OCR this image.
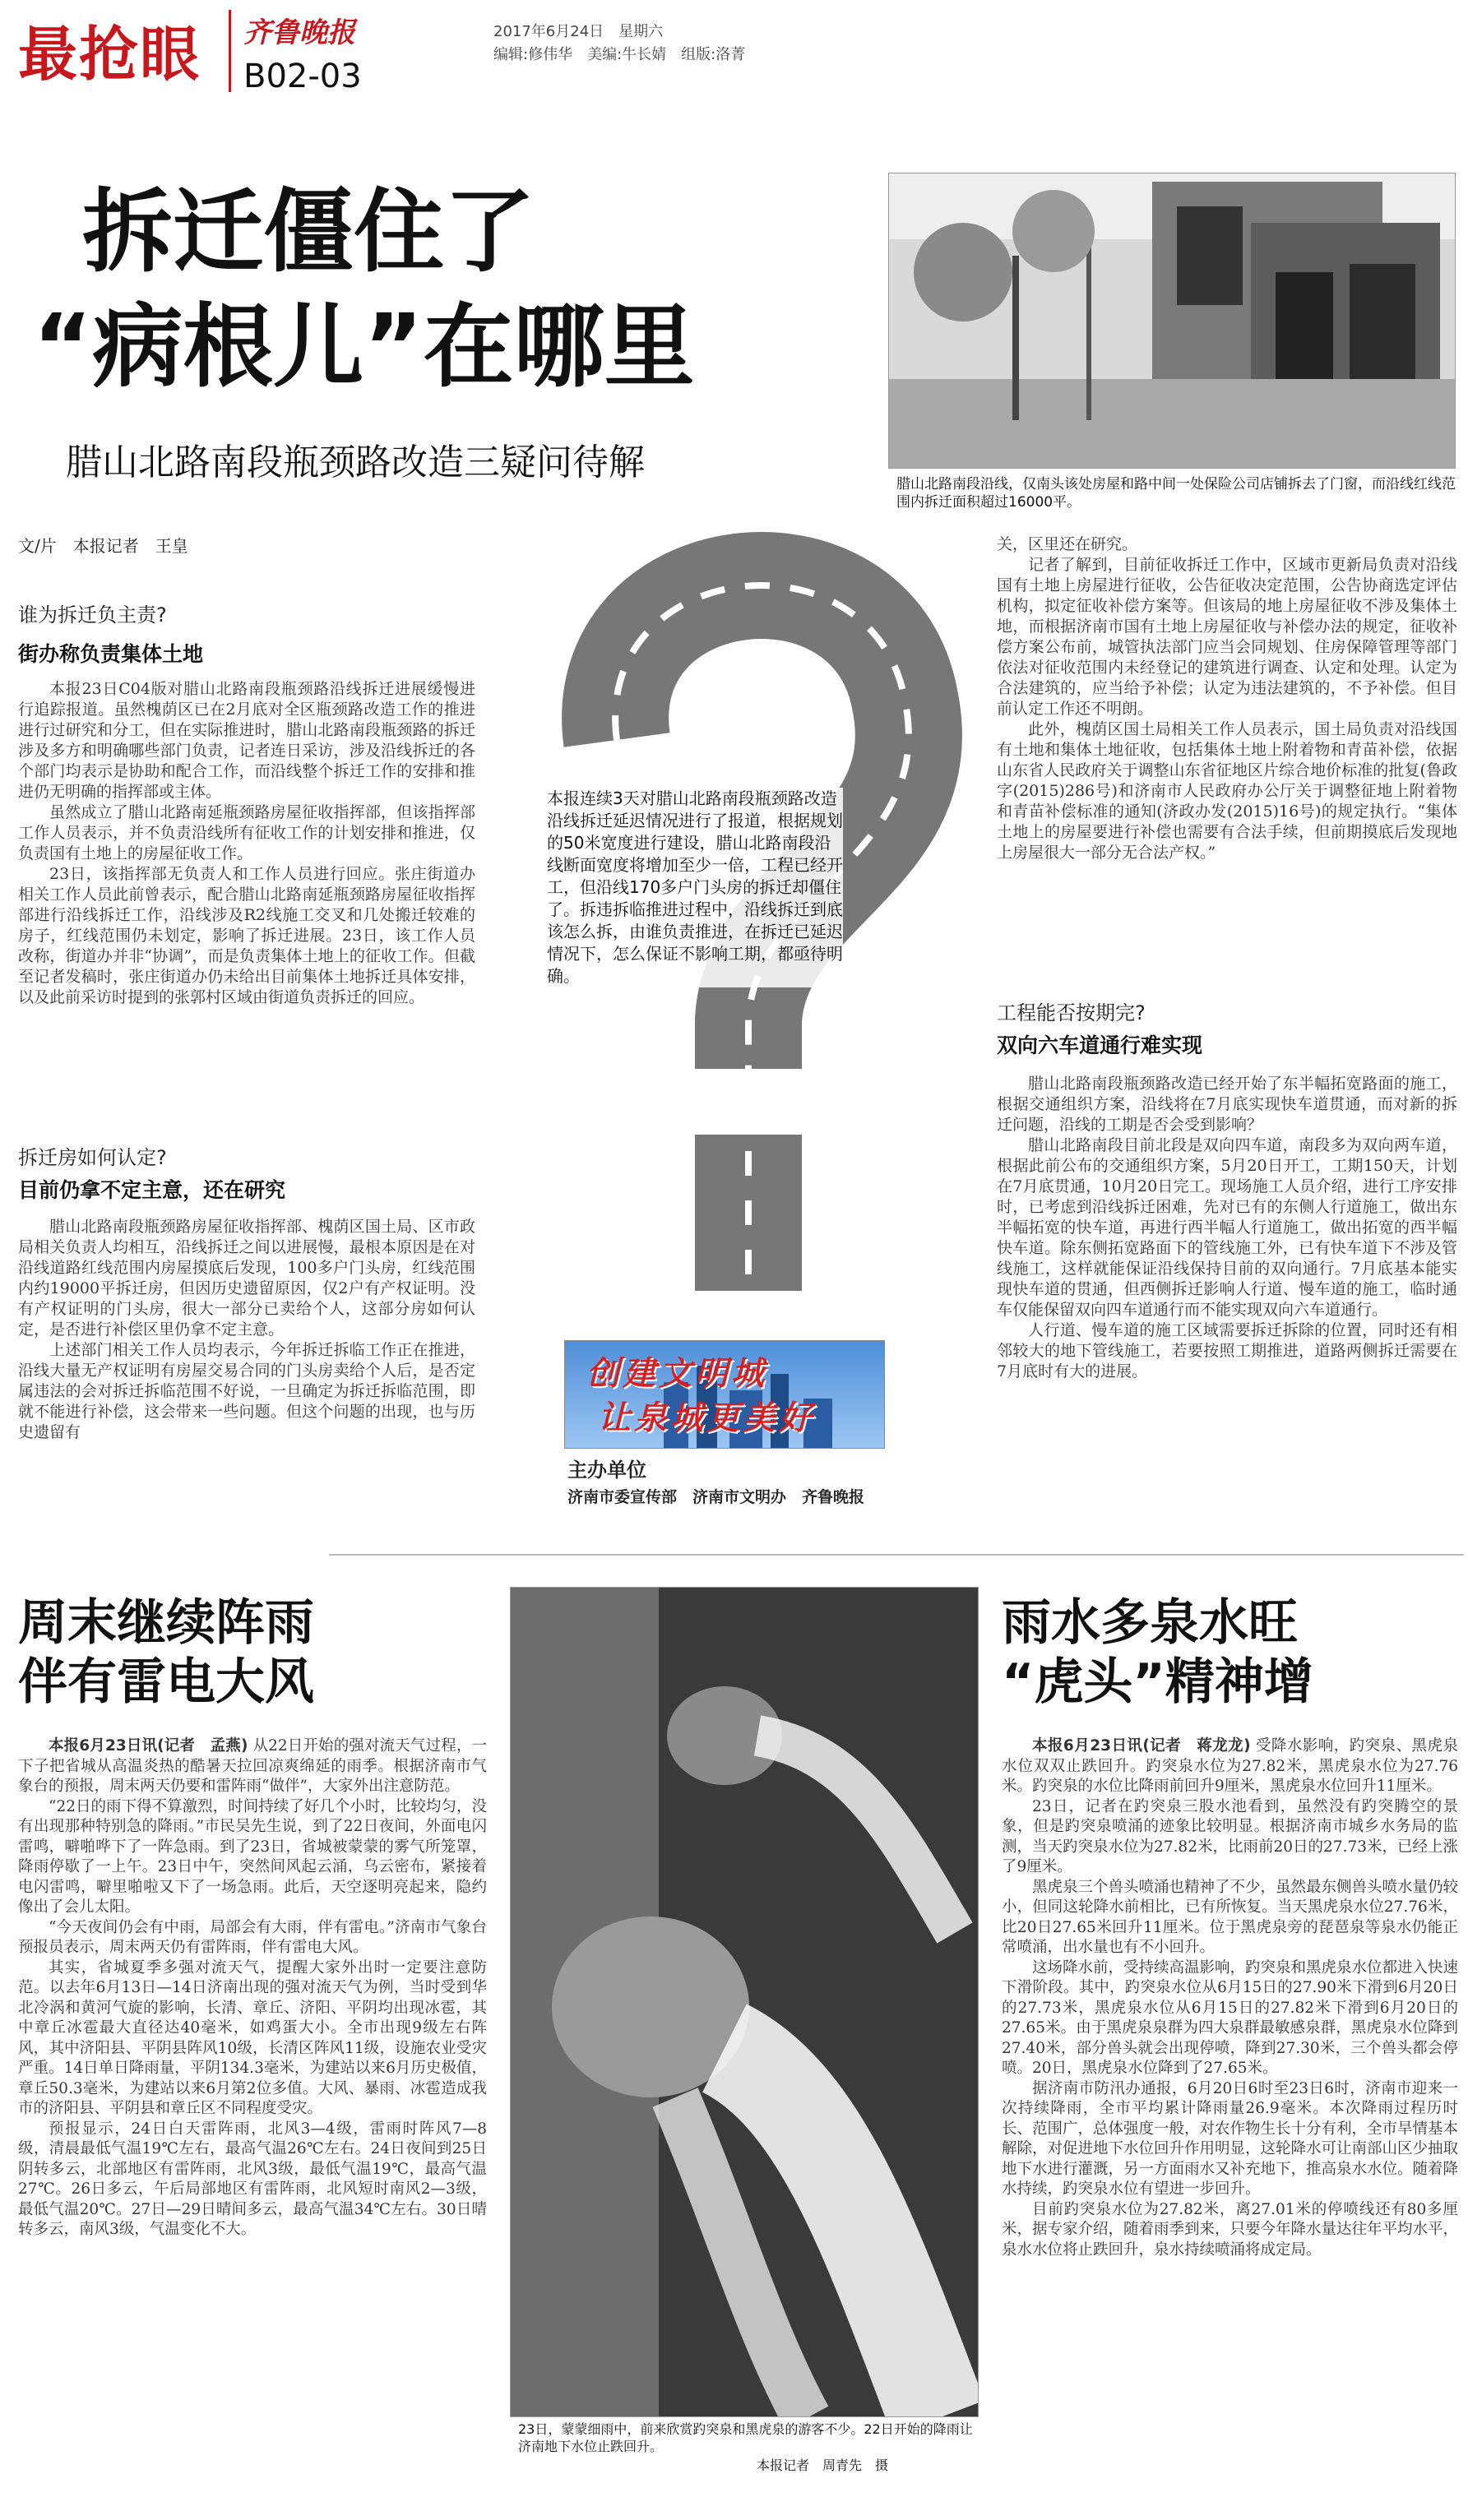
最抢眼 齐鲁晚报	2017年6月24日　星期六
编辑:修伟华　美编:牛长婧　组版:洛菁
B02-03
拆迁僵住了
“病根儿”在哪里
腊山北路南段瓶颈路改造三疑问待解
腊山北路南段沿线，仅南头该处房屋和路中间一处保险公司店铺拆去了门窗，而沿线红线范围内拆迁面积超过16000平。
文/片　本报记者　王皇
谁为拆迁负主责?
街办称负责集体土地

本报23日C04版对腊山北路南段瓶颈路沿线拆迁进展缓慢进行追踪报道。虽然槐荫区已在2月底对全区瓶颈路改造工作的推进进行过研究和分工，但在实际推进时，腊山北路南段瓶颈路的拆迁涉及多方和明确哪些部门负责，记者连日采访，涉及沿线拆迁的各个部门均表示是协助和配合工作，而沿线整个拆迁工作的安排和推进仍无明确的指挥部或主体。

虽然成立了腊山北路南延瓶颈路房屋征收指挥部，但该指挥部工作人员表示，并不负责沿线所有征收工作的计划安排和推进，仅负责国有土地上的房屋征收工作。

23日，该指挥部无负责人和工作人员进行回应。张庄街道办相关工作人员此前曾表示，配合腊山北路南延瓶颈路房屋征收指挥部进行沿线拆迁工作，沿线涉及R2线施工交叉和几处搬迁较难的房子，红线范围仍未划定，影响了拆迁进展。23日，该工作人员改称，街道办并非“协调”，而是负责集体土地上的征收工作。但截至记者发稿时，张庄街道办仍未给出目前集体土地拆迁具体安排，以及此前采访时提到的张郭村区域由街道负责拆迁的回应。

拆迁房如何认定?
目前仍拿不定主意，还在研究

腊山北路南段瓶颈路房屋征收指挥部、槐荫区国土局、区市政局相关负责人均相互，沿线拆迁之间以进展慢，最根本原因是在对沿线道路红线范围内房屋摸底后发现，100多户门头房，红线范围内约19000平拆迁房，但因历史遗留原因，仅2户有产权证明。没有产权证明的门头房，很大一部分已卖给个人，这部分房如何认定，是否进行补偿区里仍拿不定主意。

上述部门相关工作人员均表示，今年拆迁拆临工作正在推进，沿线大量无产权证明有房屋交易合同的门头房卖给个人后，是否定属违法的会对拆迁拆临范围不好说，一旦确定为拆迁拆临范围，即就不能进行补偿，这会带来一些问题。但这个问题的出现，也与历史遗留有

本报连续3天对腊山北路南段瓶颈路改造沿线拆迁延迟情况进行了报道，根据规划的50米宽度进行建设，腊山北路南段沿线断面宽度将增加至少一倍，工程已经开工，但沿线170多户门头房的拆迁却僵住了。拆违拆临推进过程中，沿线拆迁到底该怎么拆，由谁负责推进，在拆迁已延迟情况下，怎么保证不影响工期，都亟待明确。
创建文明城
让泉城更美好
主办单位
济南市委宣传部　济南市文明办　齐鲁晚报

关，区里还在研究。

记者了解到，目前征收拆迁工作中，区域市更新局负责对沿线国有土地上房屋进行征收，公告征收决定范围，公告协商选定评估机构，拟定征收补偿方案等。但该局的地上房屋征收不涉及集体土地，而根据济南市国有土地上房屋征收与补偿办法的规定，征收补偿方案公布前，城管执法部门应当会同规划、住房保障管理等部门依法对征收范围内未经登记的建筑进行调查、认定和处理。认定为合法建筑的，应当给予补偿；认定为违法建筑的，不予补偿。但目前认定工作还不明朗。

此外，槐荫区国土局相关工作人员表示，国土局负责对沿线国有土地和集体土地征收，包括集体土地上附着物和青苗补偿，依据山东省人民政府关于调整山东省征地区片综合地价标准的批复(鲁政字(2015)286号)和济南市人民政府办公厅关于调整征地上附着物和青苗补偿标准的通知(济政办发(2015)16号)的规定执行。“集体土地上的房屋要进行补偿也需要有合法手续，但前期摸底后发现地上房屋很大一部分无合法产权。”

工程能否按期完?
双向六车道通行难实现

腊山北路南段瓶颈路改造已经开始了东半幅拓宽路面的施工，根据交通组织方案，沿线将在7月底实现快车道贯通，而对新的拆迁问题，沿线的工期是否会受到影响？

腊山北路南段目前北段是双向四车道，南段多为双向两车道，根据此前公布的交通组织方案，5月20日开工，工期150天，计划在7月底贯通，10月20日完工。现场施工人员介绍，进行工序安排时，已考虑到沿线拆迁困难，先对已有的东侧人行道施工，做出东半幅拓宽的快车道，再进行西半幅人行道施工，做出拓宽的西半幅快车道。除东侧拓宽路面下的管线施工外，已有快车道下不涉及管线施工，这样就能保证沿线保持目前的双向通行。7月底基本能实现快车道的贯通，但西侧拆迁影响人行道、慢车道的施工，临时通车仅能保留双向四车道通行而不能实现双向六车道通行。

人行道、慢车道的施工区域需要拆迁拆除的位置，同时还有相邻较大的地下管线施工，若要按照工期推进，道路两侧拆迁需要在7月底时有大的进展。

周末继续阵雨
伴有雷电大风

本报6月23日讯(记者　孟燕) 从22日开始的强对流天气过程，一下子把省城从高温炎热的酷暑天拉回凉爽绵延的雨季。根据济南市气象台的预报，周末两天仍要和雷阵雨“做伴”，大家外出注意防范。

“22日的雨下得不算激烈，时间持续了好几个小时，比较均匀，没有出现那种特别急的降雨。”市民吴先生说，到了22日夜间，外面电闪雷鸣，噼啪哗下了一阵急雨。到了23日，省城被蒙蒙的雾气所笼罩，降雨停歇了一上午。23日中午，突然间风起云涌，乌云密布，紧接着电闪雷鸣，噼里啪啦又下了一场急雨。此后，天空逐明亮起来，隐约像出了会儿太阳。

“今天夜间仍会有中雨，局部会有大雨，伴有雷电。”济南市气象台预报员表示，周末两天仍有雷阵雨，伴有雷电大风。

其实，省城夏季多强对流天气，提醒大家外出时一定要注意防范。以去年6月13日—14日济南出现的强对流天气为例，当时受到华北冷涡和黄河气旋的影响，长清、章丘、济阳、平阴均出现冰雹，其中章丘冰雹最大直径达40毫米，如鸡蛋大小。全市出现9级左右阵风，其中济阳县、平阴县阵风10级，长清区阵风11级，设施农业受灾严重。14日单日降雨量，平阴134.3毫米，为建站以来6月历史极值，章丘50.3毫米，为建站以来6月第2位多值。大风、暴雨、冰雹造成我市的济阳县、平阴县和章丘区不同程度受灾。

预报显示，24日白天雷阵雨，北风3—4级，雷雨时阵风7—8级，清晨最低气温19℃左右，最高气温26℃左右。24日夜间到25日阴转多云，北部地区有雷阵雨，北风3级，最低气温19℃，最高气温27℃。26日多云，午后局部地区有雷阵雨，北风短时南风2—3级，最低气温20℃。27日—29日晴间多云，最高气温34℃左右。30日晴转多云，南风3级，气温变化不大。

23日，蒙蒙细雨中，前来欣赏趵突泉和黑虎泉的游客不少。22日开始的降雨让济南地下水位止跌回升。
本报记者　周青先　摄
雨水多泉水旺
“虎头”精神增

本报6月23日讯(记者　蒋龙龙) 受降水影响，趵突泉、黑虎泉水位双双止跌回升。趵突泉水位为27.82米，黑虎泉水位为27.76米。趵突泉的水位比降雨前回升9厘米，黑虎泉水位回升11厘米。

23日，记者在趵突泉三股水池看到，虽然没有趵突腾空的景象，但是趵突泉喷涌的迹象比较明显。根据济南市城乡水务局的监测，当天趵突泉水位为27.82米，比雨前20日的27.73米，已经上涨了9厘米。

黑虎泉三个兽头喷涌也精神了不少，虽然最东侧兽头喷水量仍较小，但同这轮降水前相比，已有所恢复。当天黑虎泉水位27.76米，比20日27.65米回升11厘米。位于黑虎泉旁的琵琶泉等泉水仍能正常喷涌，出水量也有不小回升。

这场降水前，受持续高温影响，趵突泉和黑虎泉水位都进入快速下滑阶段。其中，趵突泉水位从6月15日的27.90米下滑到6月20日的27.73米，黑虎泉水位从6月15日的27.82米下滑到6月20日的27.65米。由于黑虎泉泉群为四大泉群最敏感泉群，黑虎泉水位降到27.40米，部分兽头就会出现停喷，降到27.30米，三个兽头都会停喷。20日，黑虎泉水位降到了27.65米。

据济南市防汛办通报，6月20日6时至23日6时，济南市迎来一次持续降雨，全市平均累计降雨量26.9毫米。本次降雨过程历时长、范围广，总体强度一般，对农作物生长十分有利，全市旱情基本解除，对促进地下水位回升作用明显，这轮降水可让南部山区少抽取地下水进行灌溉，另一方面雨水又补充地下，推高泉水水位。随着降水持续，趵突泉水位有望进一步回升。

目前趵突泉水位为27.82米，离27.01米的停喷线还有80多厘米，据专家介绍，随着雨季到来，只要今年降水量达往年平均水平，泉水水位将止跌回升，泉水持续喷涌将成定局。
